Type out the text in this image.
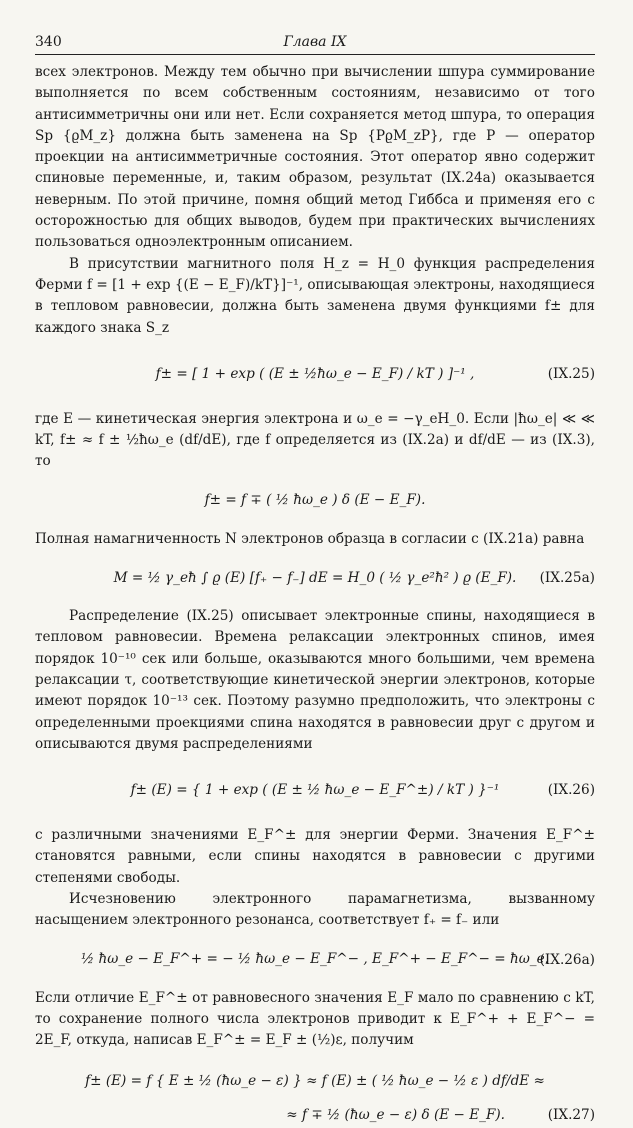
340	Глава IX

всех электронов. Между тем обычно при вычислении шпура суммирование выполняется по всем собственным состояниям, независимо от того антисимметричны они или нет. Если сохраняется метод шпура, то операция Sp {ϱM_z} должна быть заменена на Sp {PϱM_zP}, где P — оператор проекции на антисимметричные состояния. Этот оператор явно содержит спиновые переменные, и, таким образом, результат (IX.24a) оказывается неверным. По этой причине, помня общий метод Гиббса и применяя его с осторожностью для общих выводов, будем при практических вычислениях пользоваться одноэлектронным описанием.

В присутствии магнитного поля H_z = H_0 функция распределения Ферми f = [1 + exp {(E − E_F)/kT}]⁻¹, описывающая электроны, находящиеся в тепловом равновесии, должна быть заменена двумя функциями f± для каждого знака S_z

f± = [ 1 + exp ( (E ± ½ħω_e − E_F) / kT ) ]⁻¹ ,	(IX.25)

где E — кинетическая энергия электрона и ω_e = −γ_eH_0. Если |ħω_e| ≪ ≪ kT, f± ≈ f ± ½ħω_e (df/dE), где f определяется из (IX.2a) и df/dE — из (IX.3), то

f± = f ∓ ( ½ ħω_e ) δ (E − E_F).

Полная намагниченность N электронов образца в согласии с (IX.21a) равна

M = ½ γ_eħ ∫ ϱ (E) [f₊ − f₋] dE = H_0 ( ½ γ_e²ħ² ) ϱ (E_F). (IX.25a)

Распределение (IX.25) описывает электронные спины, находящиеся в тепловом равновесии. Времена релаксации электронных спинов, имея порядок 10⁻¹⁰ сек или больше, оказываются много большими, чем времена релаксации τ, соответствующие кинетической энергии электронов, которые имеют порядок 10⁻¹³ сек. Поэтому разумно предположить, что электроны с определенными проекциями спина находятся в равновесии друг с другом и описываются двумя распределениями

f± (E) = { 1 + exp ( (E ± ½ ħω_e − E_F^±) / kT ) }⁻¹	(IX.26)

с различными значениями E_F^± для энергии Ферми. Значения E_F^± становятся равными, если спины находятся в равновесии с другими степенями свободы.

Исчезновению электронного парамагнетизма, вызванному насыщением электронного резонанса, соответствует f₊ = f₋ или

½ ħω_e − E_F^+ = − ½ ħω_e − E_F^− , E_F^+ − E_F^− = ħω_e.
(IX.26a)

Если отличие E_F^± от равновесного значения E_F мало по сравнению с kT, то сохранение полного числа электронов приводит к E_F^+ + E_F^− = 2E_F, откуда, написав E_F^± = E_F ± (½)ε, получим

f± (E) = f { E ± ½ (ħω_e − ε) } ≈ f (E) ± ( ½ ħω_e − ½ ε ) df/dE ≈
≈ f ∓ ½ (ħω_e − ε) δ (E − E_F).	(IX.27)
